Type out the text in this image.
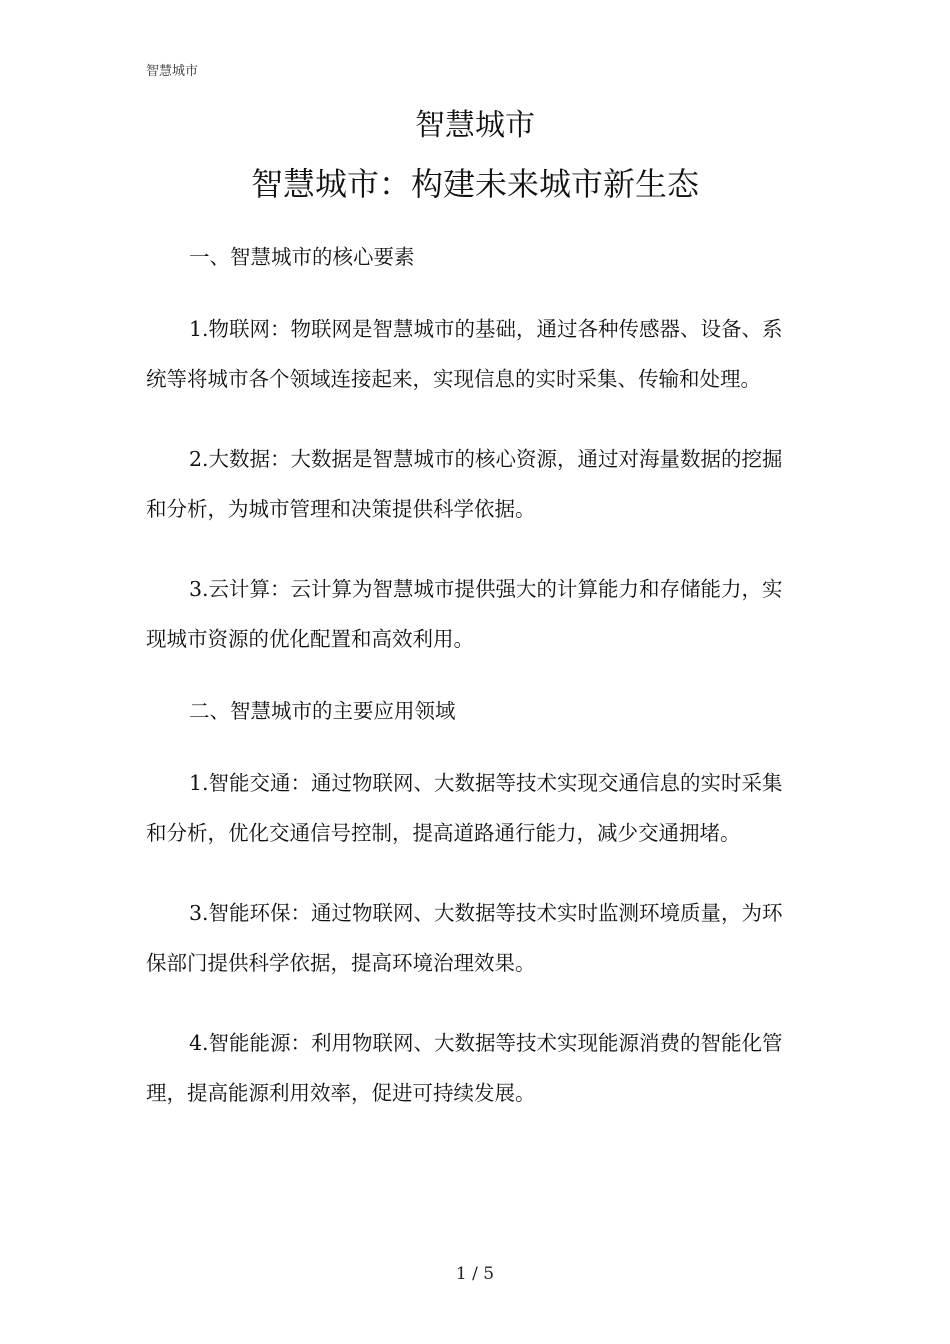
智慧城市
智慧城市
智慧城市：构建未来城市新生态
一、智慧城市的核心要素

1.物联网：物联网是智慧城市的基础，通过各种传感器、设备、系统等将城市各个领域连接起来，实现信息的实时采集、传输和处理。

2.大数据：大数据是智慧城市的核心资源，通过对海量数据的挖掘和分析，为城市管理和决策提供科学依据。

3.云计算：云计算为智慧城市提供强大的计算能力和存储能力，实现城市资源的优化配置和高效利用。

二、智慧城市的主要应用领域

1.智能交通：通过物联网、大数据等技术实现交通信息的实时采集和分析，优化交通信号控制，提高道路通行能力，减少交通拥堵。

3.智能环保：通过物联网、大数据等技术实时监测环境质量，为环保部门提供科学依据，提高环境治理效果。

4.智能能源：利用物联网、大数据等技术实现能源消费的智能化管理，提高能源利用效率，促进可持续发展。

1 / 5
